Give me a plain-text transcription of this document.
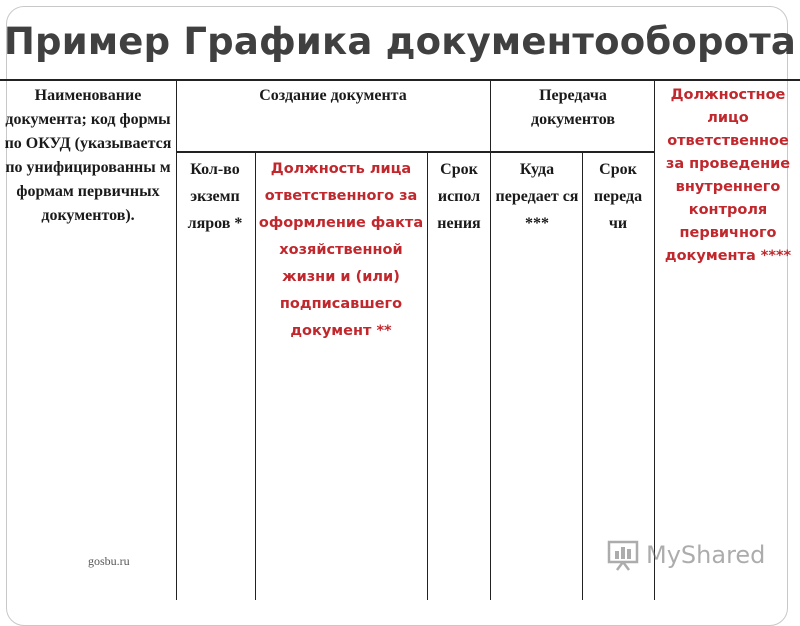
Пример Графика документооборота
Наименование документа; код формы по ОКУД (указывается по унифицированны м формам первичных документов).
Создание документа	Передача документов
Должностное лицо ответственное за проведение внутреннего контроля первичного документа ****
Кол-во экземп ляров *
Должность лица ответственного за оформление факта хозяйственной жизни и (или) подписавшего документ **
Срок испол нения
Куда передает ся ***
Срок переда чи
gosbu.ru	MyShared
